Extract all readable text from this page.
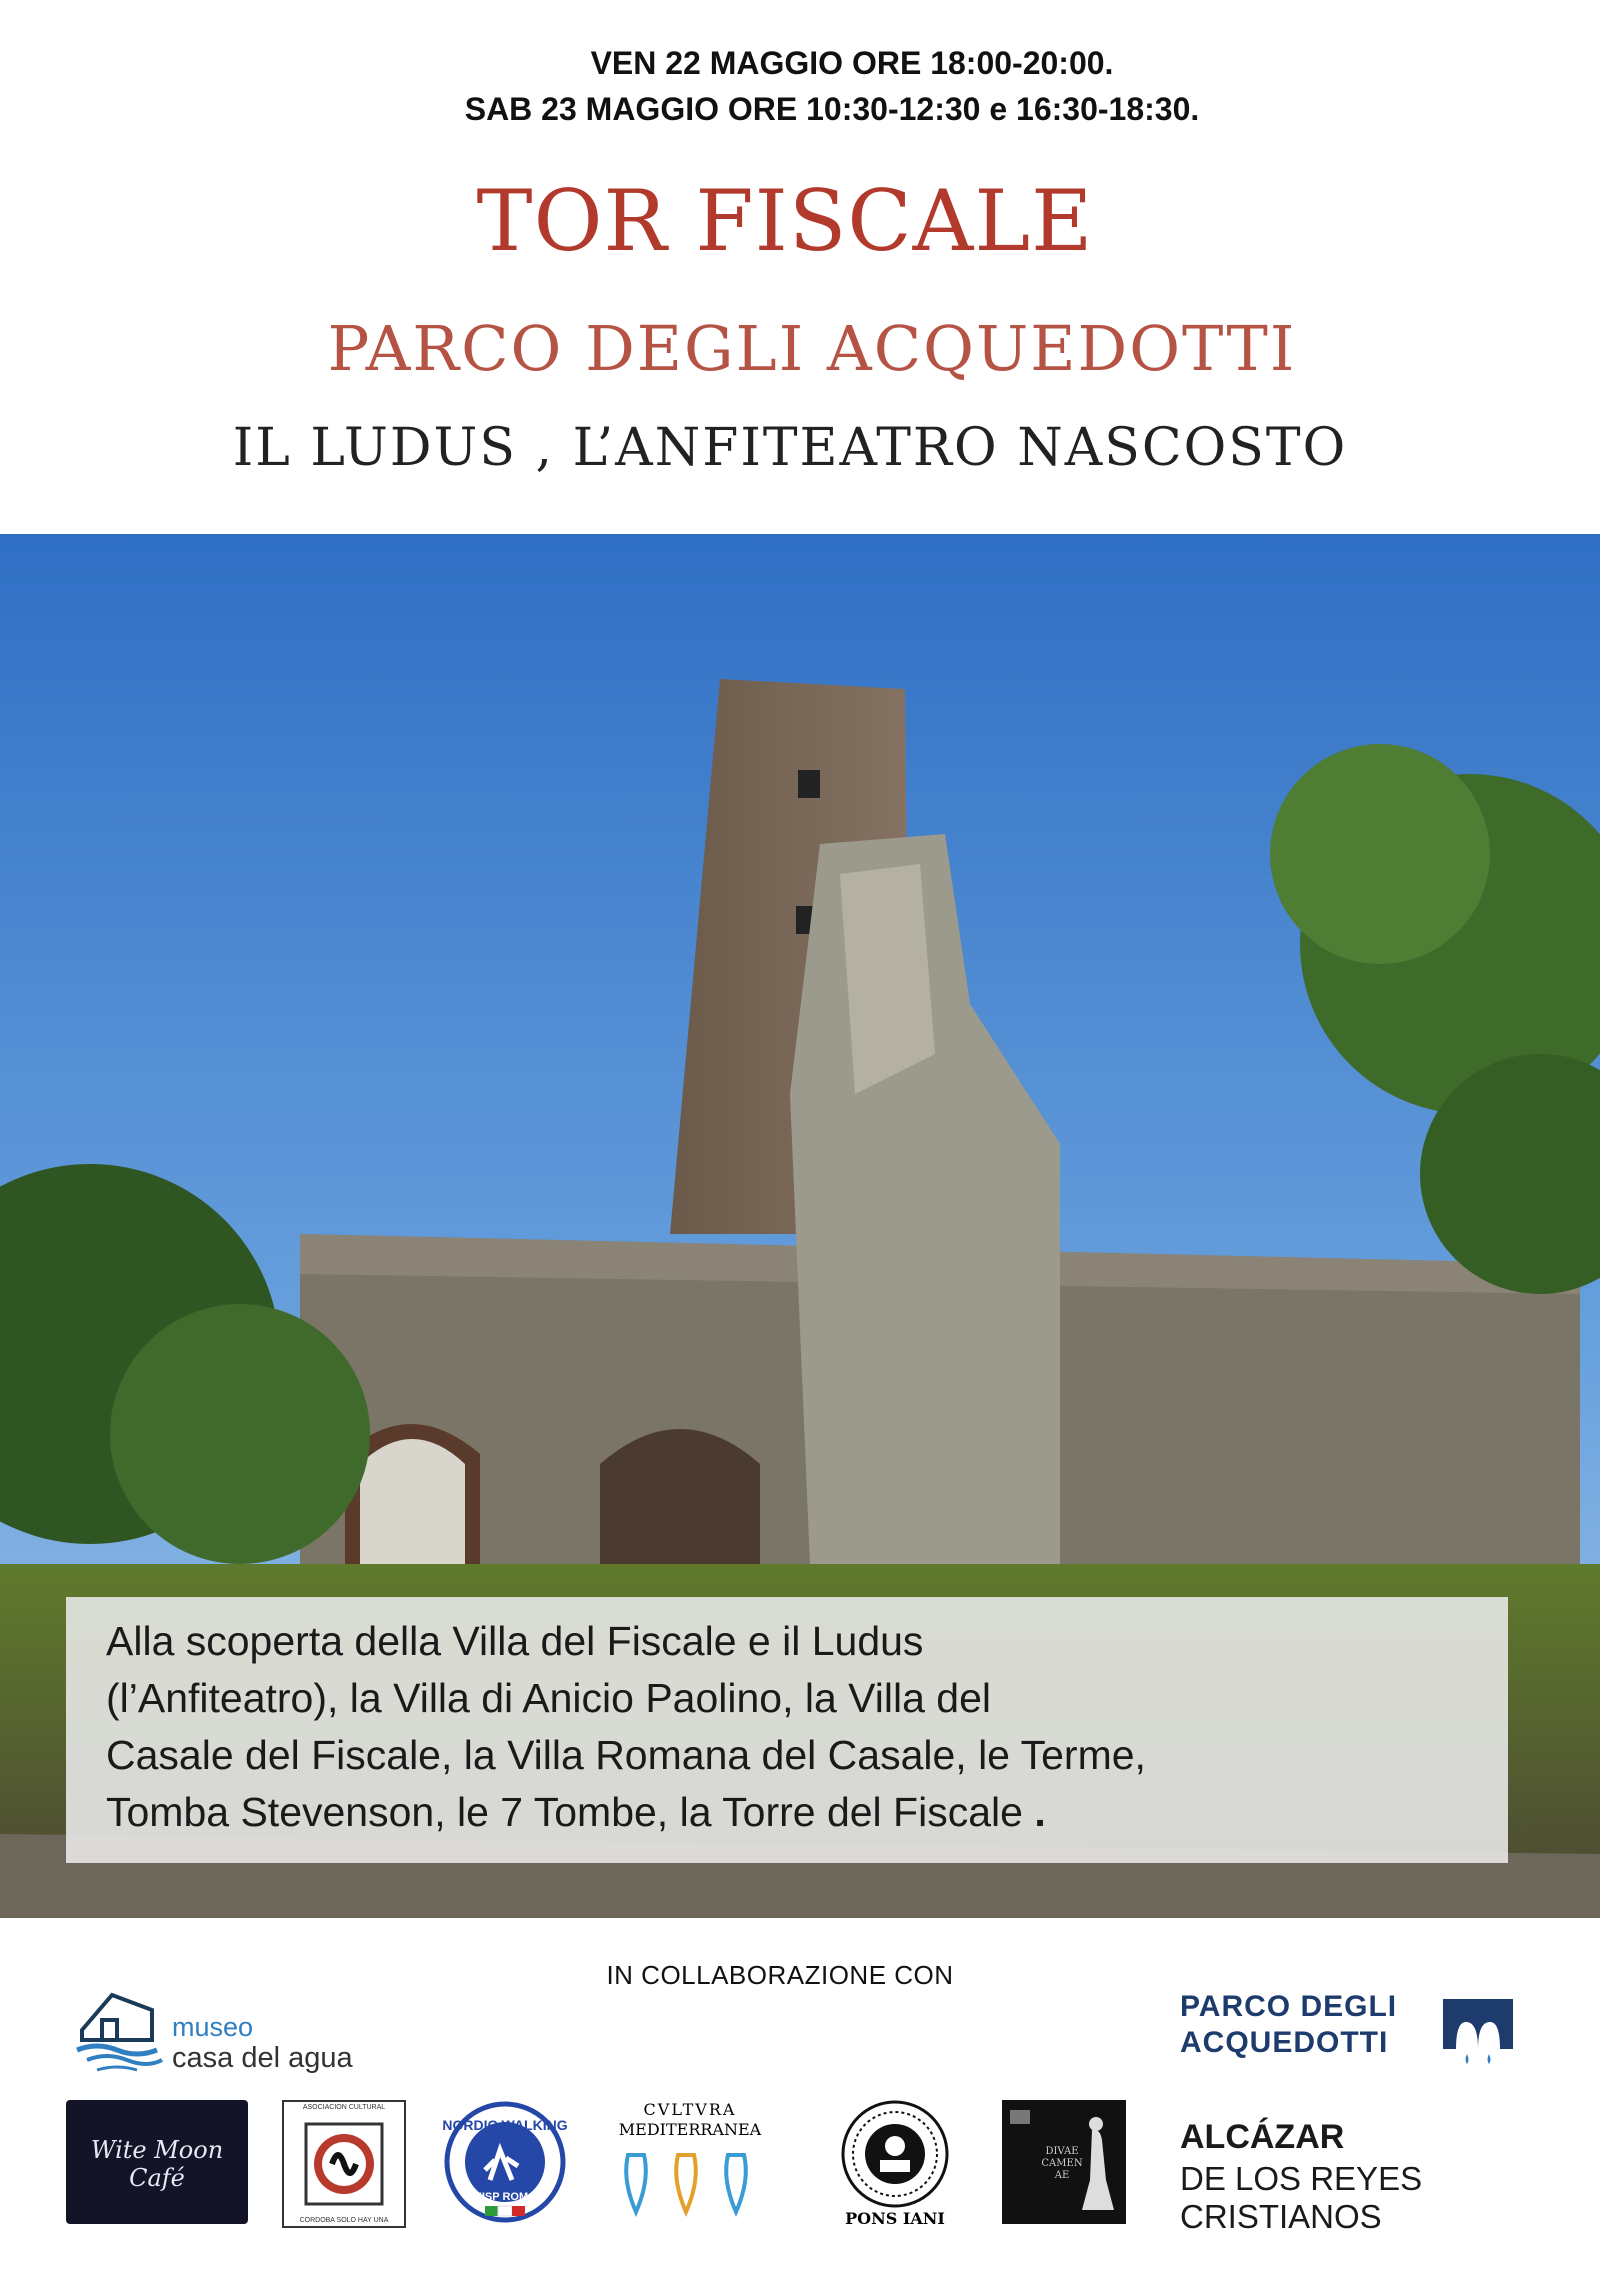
VEN 22 MAGGIO ORE 18:00-20:00.
SAB 23 MAGGIO ORE 10:30-12:30 e 16:30-18:30.
TOR FISCALE
PARCO DEGLI ACQUEDOTTI
IL LUDUS , L’ANFITEATRO NASCOSTO

Alla scoperta della Villa del Fiscale e il Ludus
(l’Anfiteatro), la Villa di Anicio Paolino, la Villa del
Casale del Fiscale, la Villa Romana del Casale, le Terme,
Tomba Stevenson, le 7 Tombe, la Torre del Fiscale .

IN COLLABORAZIONE CON
museo
casa del agua
PARCO DEGLI
ACQUEDOTTI
ALCÁZAR
DE LOS REYES CRISTIANOS
Wite Moon Café
ASOCIACION CULTURAL
CORDOBA SOLO HAY UNA
NORDIC WALKING
UISP ROMA
CVLTVRA
MEDITERRANEA
PONS IANI
DIVAE CAMEN AE
